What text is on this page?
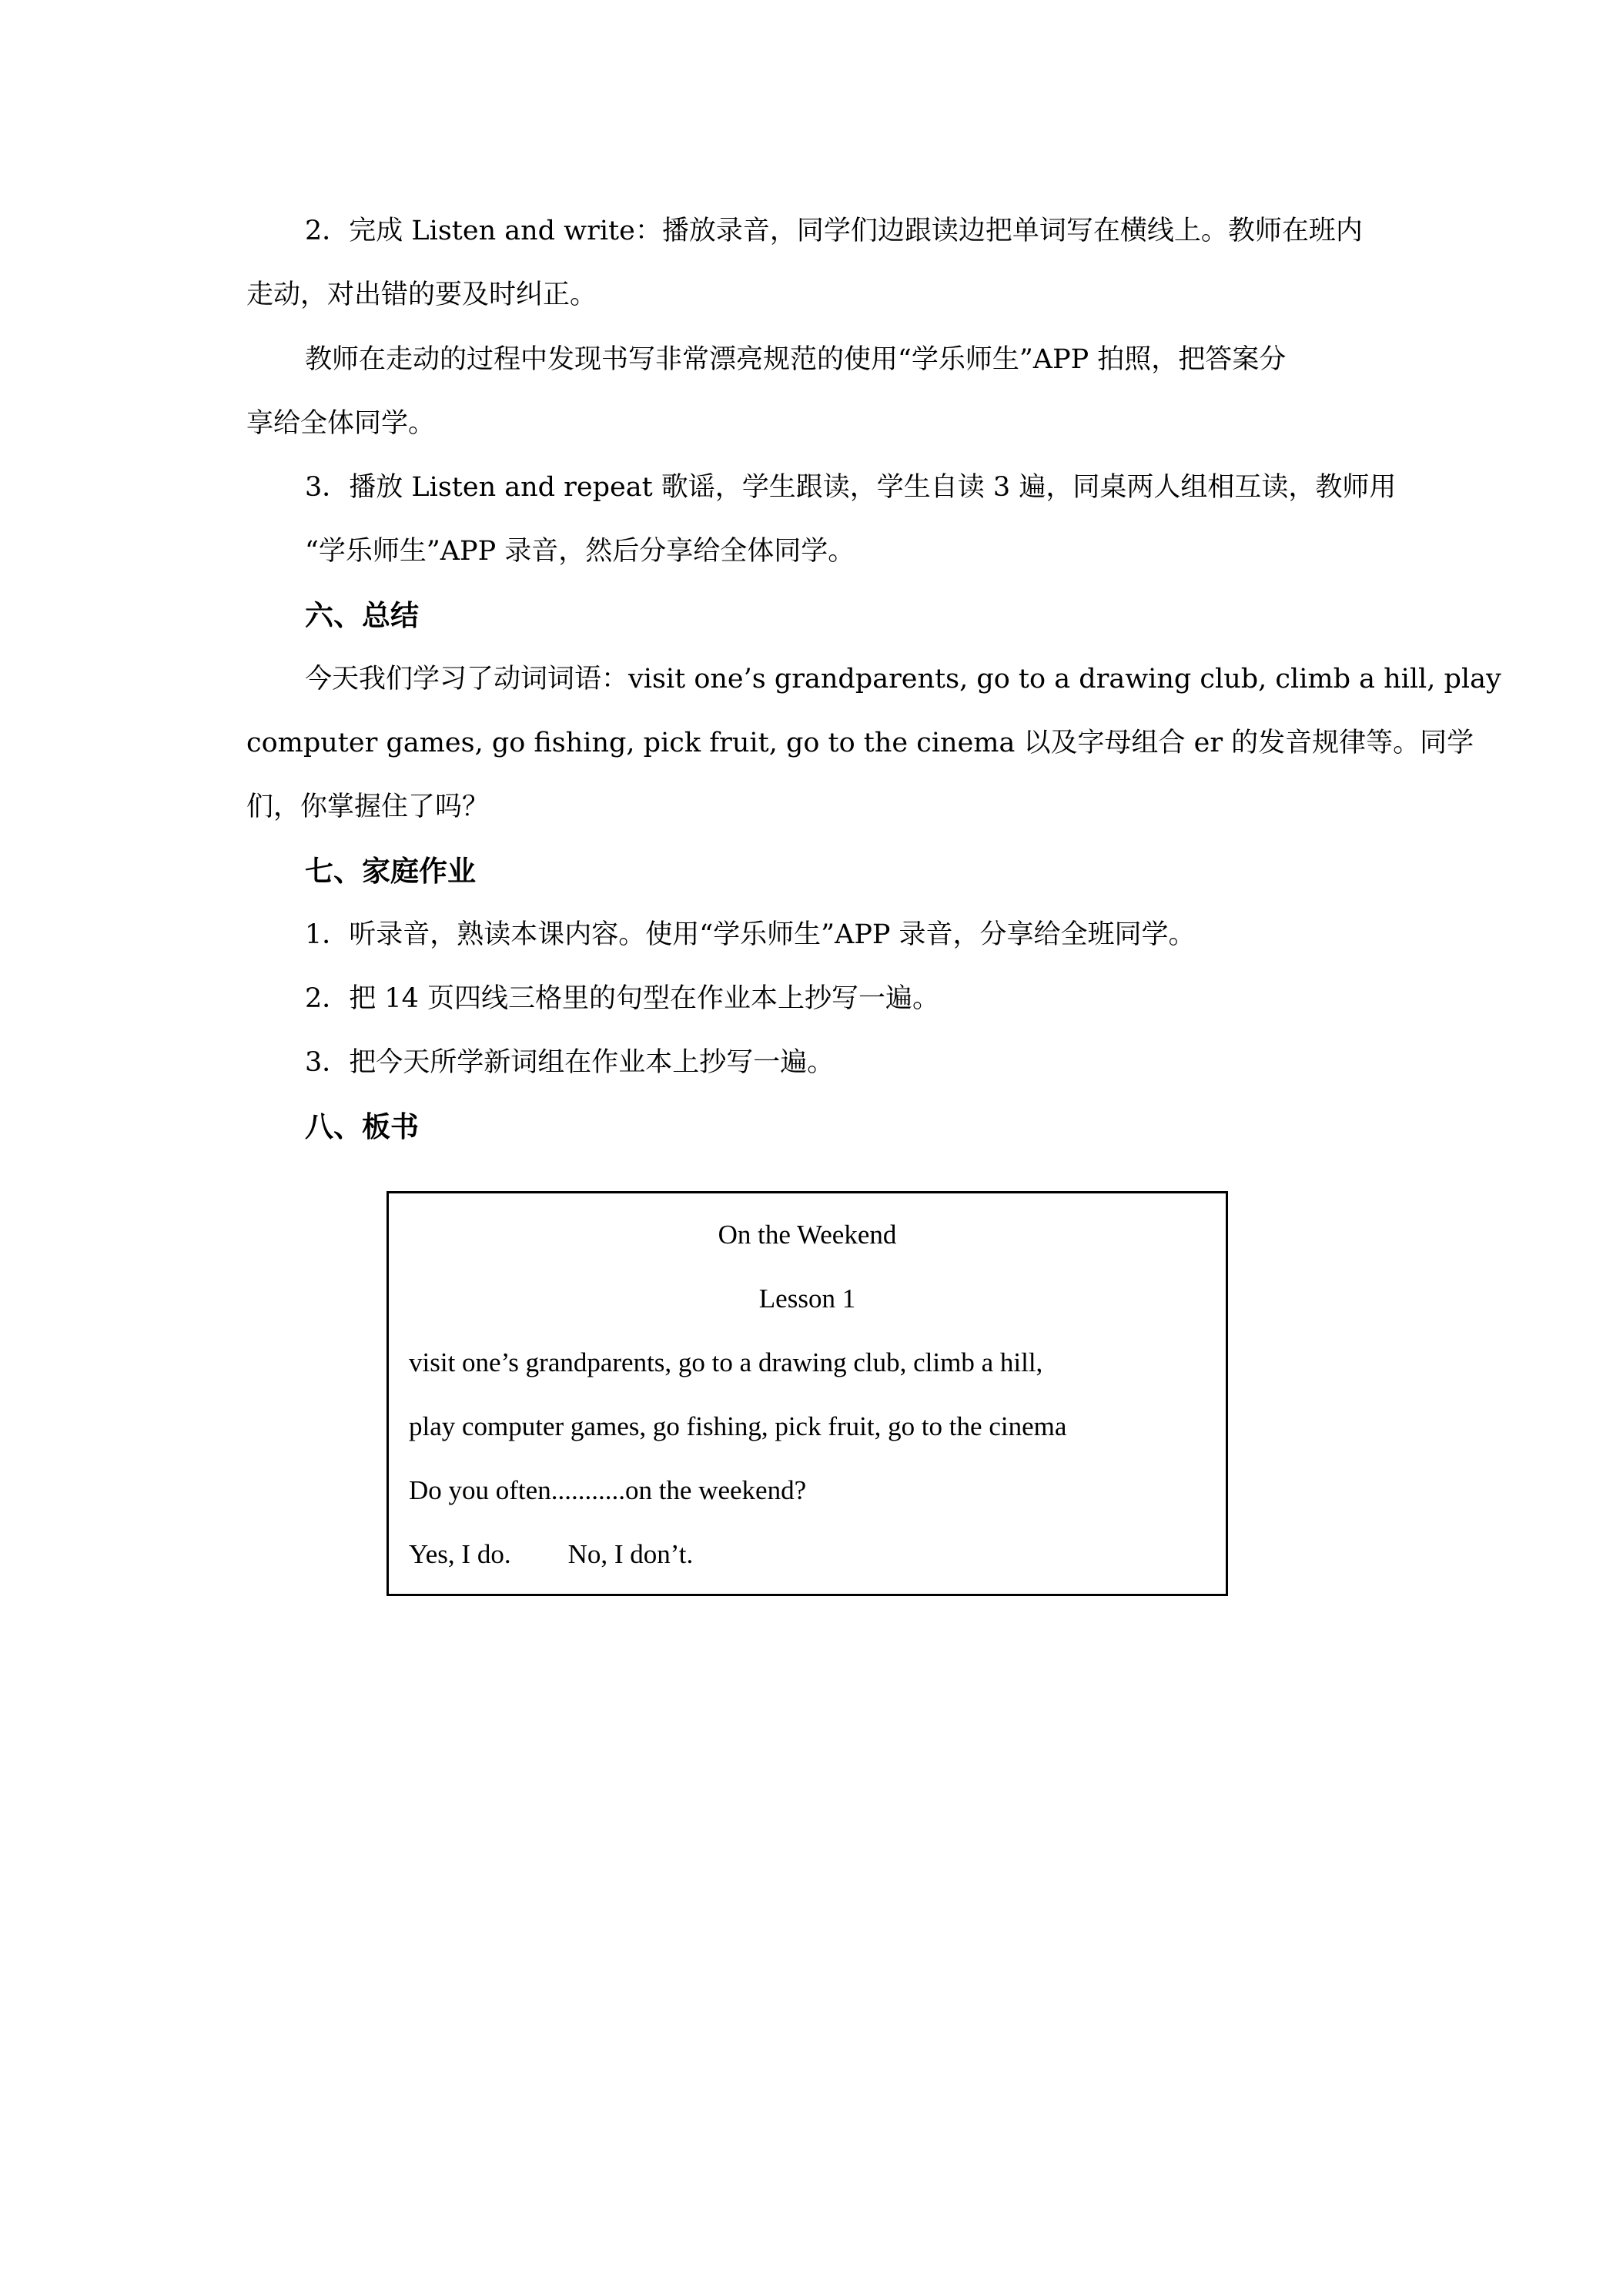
2．完成 Listen and write：播放录音，同学们边跟读边把单词写在横线上。教师在班内
走动，对出错的要及时纠正。
教师在走动的过程中发现书写非常漂亮规范的使用“学乐师生”APP 拍照，把答案分
享给全体同学。
3．播放 Listen and repeat 歌谣，学生跟读，学生自读 3 遍，同桌两人组相互读，教师用
“学乐师生”APP 录音，然后分享给全体同学。
六、总结
今天我们学习了动词词语：visit one’s grandparents, go to a drawing club, climb a hill, play
computer games, go fishing, pick fruit, go to the cinema 以及字母组合 er 的发音规律等。同学
们，你掌握住了吗？
七、家庭作业
1．听录音，熟读本课内容。使用“学乐师生”APP 录音，分享给全班同学。
2．把 14 页四线三格里的句型在作业本上抄写一遍。
3．把今天所学新词组在作业本上抄写一遍。
八、板书
On the Weekend
Lesson 1
visit one’s grandparents, go to a drawing club, climb a hill,
play computer games, go fishing, pick fruit, go to the cinema
Do you often...........on the weekend?
Yes, I do. No, I don’t.
